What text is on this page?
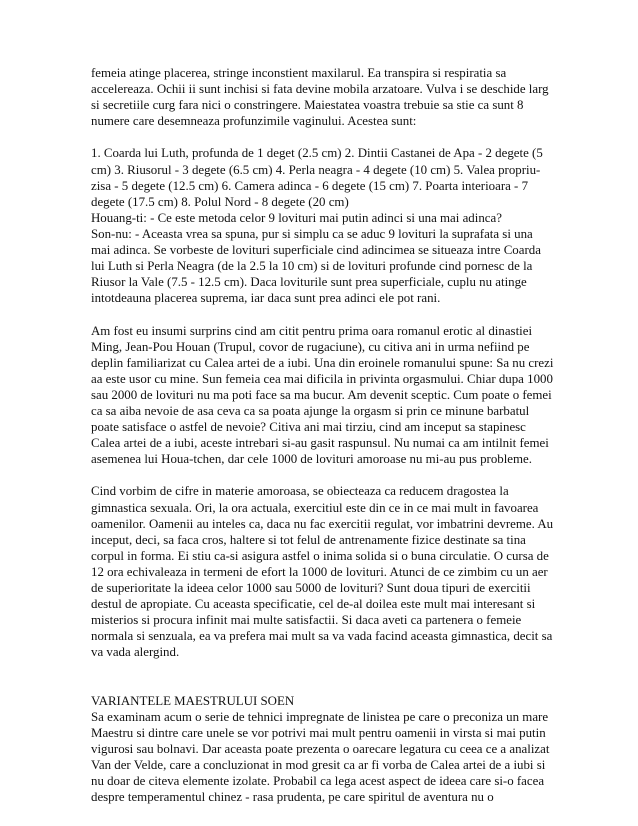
femeia atinge placerea, stringe inconstient maxilarul. Ea transpira si respiratia sa
accelereaza. Ochii ii sunt inchisi si fata devine mobila arzatoare. Vulva i se deschide larg
si secretiile curg fara nici o constringere. Maiestatea voastra trebuie sa stie ca sunt 8
numere care desemneaza profunzimile vaginului. Acestea sunt:
1. Coarda lui Luth, profunda de 1 deget (2.5 cm) 2. Dintii Castanei de Apa - 2 degete (5
cm) 3. Riusorul - 3 degete (6.5 cm) 4. Perla neagra - 4 degete (10 cm) 5. Valea propriu-
zisa - 5 degete (12.5 cm) 6. Camera adinca - 6 degete (15 cm) 7. Poarta interioara - 7
degete (17.5 cm) 8. Polul Nord - 8 degete (20 cm)
Houang-ti: - Ce este metoda celor 9 lovituri mai putin adinci si una mai adinca?
Son-nu: - Aceasta vrea sa spuna, pur si simplu ca se aduc 9 lovituri la suprafata si una
mai adinca. Se vorbeste de lovituri superficiale cind adincimea se situeaza intre Coarda
lui Luth si Perla Neagra (de la 2.5 la 10 cm) si de lovituri profunde cind pornesc de la
Riusor la Vale (7.5 - 12.5 cm). Daca loviturile sunt prea superficiale, cuplu nu atinge
intotdeauna placerea suprema, iar daca sunt prea adinci ele pot rani.
Am fost eu insumi surprins cind am citit pentru prima oara romanul erotic al dinastiei
Ming, Jean-Pou Houan (Trupul, covor de rugaciune), cu citiva ani in urma nefiind pe
deplin familiarizat cu Calea artei de a iubi. Una din eroinele romanului spune: Sa nu crezi
aa este usor cu mine. Sun femeia cea mai dificila in privinta orgasmului. Chiar dupa 1000
sau 2000 de lovituri nu ma poti face sa ma bucur. Am devenit sceptic. Cum poate o femei
ca sa aiba nevoie de asa ceva ca sa poata ajunge la orgasm si prin ce minune barbatul
poate satisface o astfel de nevoie? Citiva ani mai tirziu, cind am inceput sa stapinesc
Calea artei de a iubi, aceste intrebari si-au gasit raspunsul. Nu numai ca am intilnit femei
asemenea lui Houa-tchen, dar cele 1000 de lovituri amoroase nu mi-au pus probleme.
Cind vorbim de cifre in materie amoroasa, se obiecteaza ca reducem dragostea la
gimnastica sexuala. Ori, la ora actuala, exercitiul este din ce in ce mai mult in favoarea
oamenilor. Oamenii au inteles ca, daca nu fac exercitii regulat, vor imbatrini devreme. Au
inceput, deci, sa faca cros, haltere si tot felul de antrenamente fizice destinate sa tina
corpul in forma. Ei stiu ca-si asigura astfel o inima solida si o buna circulatie. O cursa de
12 ora echivaleaza in termeni de efort la 1000 de lovituri. Atunci de ce zimbim cu un aer
de superioritate la ideea celor 1000 sau 5000 de lovituri? Sunt doua tipuri de exercitii
destul de apropiate. Cu aceasta specificatie, cel de-al doilea este mult mai interesant si
misterios si procura infinit mai multe satisfactii. Si daca aveti ca partenera o femeie
normala si senzuala, ea va prefera mai mult sa va vada facind aceasta gimnastica, decit sa
va vada alergind.
VARIANTELE MAESTRULUI SOEN
Sa examinam acum o serie de tehnici impregnate de linistea pe care o preconiza un mare
Maestru si dintre care unele se vor potrivi mai mult pentru oamenii in virsta si mai putin
vigurosi sau bolnavi. Dar aceasta poate prezenta o oarecare legatura cu ceea ce a analizat
Van der Velde, care a concluzionat in mod gresit ca ar fi vorba de Calea artei de a iubi si
nu doar de citeva elemente izolate. Probabil ca lega acest aspect de ideea care si-o facea
despre temperamentul chinez - rasa prudenta, pe care spiritul de aventura nu o
